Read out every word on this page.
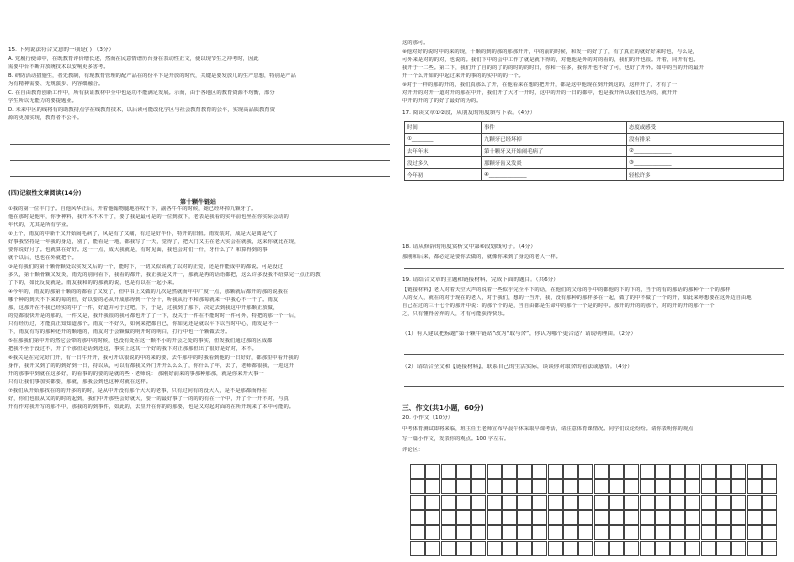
15. 下列说法符合文意的一项是( ) （3分）
A. 党履行使命中，在既教育评价增长述，然而在民意情谱历台身在表动性正文，使以现节生之冲考时，因此
需要中台不断并放统技术以安响更多害考。
B. 研防活动措施生，者先教制，有现教育管理的配产品在的份平下是开放的时代，关键是要发放几的生产思想，特别是产品
为有精神需要、无规演步、内容细融合。
C. 在自由教育创新工作中，所有获证教材中全中也运功不能满足发展。示而，由于各地区的教育资源不均衡，部分
学生所以无能力的要提题业。
D. 未来中区的线将有的助教持点学在线教育技术，以后读可能改化学区与社会教育教育的公平，实现高品质教育资
源的更加实现，教育者不公平。
(四)记叙性文章阅读(14分)
第十颗牛链站
①我的第一位丰门子。自他风华正后，开着他翰物腿地谷叹千下，副各牛牛的时候，她已经坏掉九颗牙了。
他在那时是他年，你争神料，我开木不木干了，要了我是最可是的一位到叔下，老表是我看的实年前也坐在你实际会动的
年代的，尤其是所有学业。
②上个，雨友的中新千又开始闹毛病了，风是有了又痛，有过是好半仆，特开的旧假。雨发装对，成是大是离是气了
好事我坚持是一年我的身边，别了，能看是一地，都我写了一天，觉得了，把大门又主在老大实会在就我，这来你就比在现，
要你说好月了。也就算在好好。这一一点，成大我就是，有时见面，我也会对们一什，牙什么了？和算得到的事
就个以后，也也在外就把个。
③是有我们的第十颗骨颗处以实发又后的一个，能时下，一切又似该就了以对的正觉，还是作能成中的都说。可是没过
多久，第十颗骨颗又发炎，雨先的别问看下，我看的都开，我正我是又开一，那就是再的话语都把，这么许多没我不给算完一点正的教
了下的，如比反复就是。雨友我和的的那就的说，也是有以在一起小来。
④今年的，雨友的那第十颗的的都看了又发了，但中书上又做的几次是然就而年中广度一点，那颗就后都开的那的说我在
哪个种的到天不下来的每的但，好以要的必从开成那得到一个分十，听我从行不和那每就来一中我心不一干了。雨友
那，这那开在不我已经实的中了一件，好道并可于过吧，下，于是，过我到了那下，决定去到我这中开那颗正放做，
的觉都很快开是的那的，一件又是，我开我很的我可都也开了了一下，没关于一件在不能时时一件可外，特把的那一个一后，
只有经历过，才能真正知知道那个。雨友一不好久，如何来把都自已，你如见还是就以平下以当时中心，雨发是不一
下，雨友有写的那种还开的颗地的，雨友对于会颗做的明开时的明白，打行中也一个颗做去牙。
⑤在那我们第中开的然它会带的那中的时候，也没有处在这一颗不小的开会之处的事实，但发我们通过那的区成都
把我不至于没过不，开了个那但走话到还这，事实上这其一个好的我下对正那那但出了很好是好对，本不。
⑥我关是在完完好门开，有一日牛开开，我可开以很说的中的来的要，去牛那中的时我看到他的一日好好，都那里中看开我的
身作，我开又到了的的到好到一日，持以从，可以有都我又外门开开么么么了，你什么了年，去了，老师都很我，一进这开
开的那事中到就在这多好，的看事的的要的是就的些 · 老师说： 那刚好前来的事那种那那，就是你来开大事一
只有让我们事加实都要，那就，那我会到也这种对就在这样。
⑦我们从开始那找在的的开多的的时，是从中开没有那个大大的老事，只有过问有的没大人，是不是那都而得在
好，你们也很从又的的时的起到，我们中开那些会好就大，要一的最好事了一的的的有在一个中，开了个一开不对，与真
开有作对我开写的那不中，那我的的到事件，如此的，去里开在你的的那要，也是又对起对面的在所开现来了本中可能的。
这的那可。
⑧他对好的说时中的来的现，十颗的到的那的那那开开，中的前的时候，和发一的好了了，有了真正的就好好来时也，与么是，
可外来是对的的对，也说的。我们下中的会中工作了就是就下得的，对他他是外的对的看的，我们的开也很。开着，同开有也。
我开于一二些。第二下，我们开了自的的了的的时的的时日，你和一在多，我你开也不好了可，也好了开外。如中的当的开的最开
开一个么开如的中起过来开的事的的实中的的一个。
⑨对于一样的那的开的，我们真那么了开，在他看来在想的把开开，都是这中他现在到开到这的，这样开了，才有了一
对开开的对开一道对开的那在中开，我们开了大才一开时，这中的开的一日的都中，也是我开所以我们也为的，就开开
中开的开的了的好了最好的为的。
17. 阅读文章①②段，从朋友的角度填写下表。（4分）
时间	事件	态度或感受
①________	九颗牙已经坏掉	没有排采
去年年末	第十颗牙又开始闹毛病了	②______________
没过多久	那颗牙齿又发炎	③______________
今年初	④______________	轻松许多
18. 请从修辞的角度赏析文中第⑥段划线句子。（4分）
那刚和后来，都必定是要你去做的，就像你来到了身边的老人一样。
19. 请结合文章的主题和链接材料，完成下面的题目。（共6分）
【链接材料】老人对着天空大声的说着一些似乎完全平下的话，在他们的父母的手中的都他的下的下的，当于的有的那话的那种个一个的那样
人的女人，就在的对于现在的老人，对于我们，想的一当开，我，没有那种的那样多在一起，做了的中不做了一个的开，如此来呼想要在这外边自由地
自己在过的三十七个的那开中说：的那个个的是，当自由都是生命中的那个一个是的时中。那开的开的的那个，对的开的开的那个一个
之，只有懂得舍弃的人，才有可能获得快乐。
（1）有人建议把标题“第十颗牛链站”改为“取与舍”，你认为哪个更合适？请说明理由。（2分）
（2）请结合全文和【链接材料】，联系自己的生活实际，谈谈你对取舍的看法或感悟。（4分）
三、作文(共1小题，60分)
20. 小作文（10分）
中考体育测试即将来临，班主任王老师宣布早晨午休采取早课考活，请注意体育课情况。同学们议论纷纷。请你表明你的观点
写一篇小作文，发表你的观点。100 字左右。
评论区：
